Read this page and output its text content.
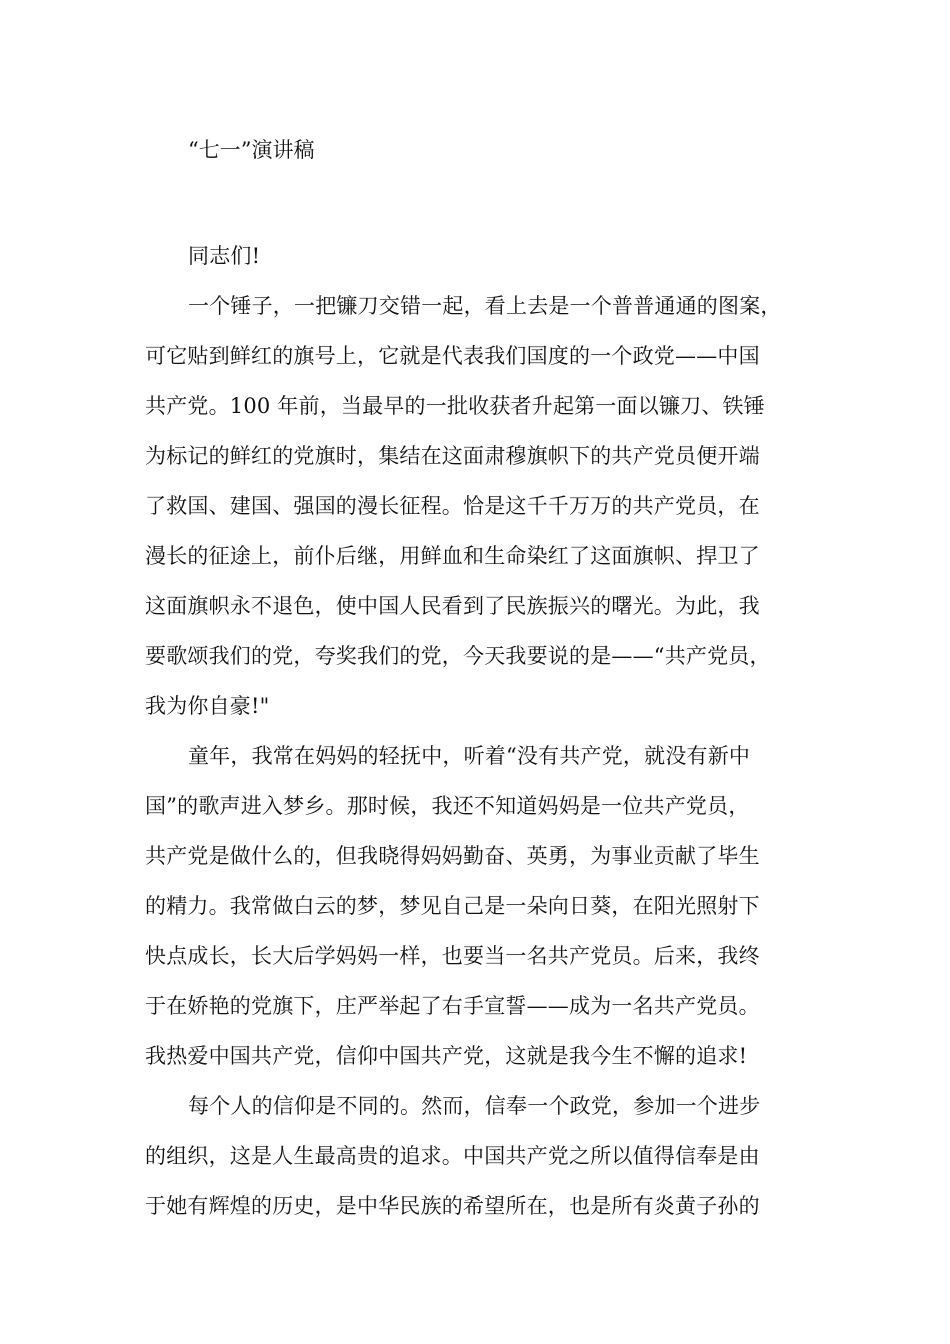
“七一”演讲稿
同志们!
一个锤子，一把镰刀交错一起，看上去是一个普普通通的图案，
可它贴到鲜红的旗号上，它就是代表我们国度的一个政党——中国
共产党。100 年前，当最早的一批收获者升起第一面以镰刀、铁锤
为标记的鲜红的党旗时，集结在这面肃穆旗帜下的共产党员便开端
了救国、建国、强国的漫长征程。恰是这千千万万的共产党员，在
漫长的征途上，前仆后继，用鲜血和生命染红了这面旗帜、捍卫了
这面旗帜永不退色，使中国人民看到了民族振兴的曙光。为此，我
要歌颂我们的党，夸奖我们的党，今天我要说的是——“共产党员，
我为你自豪!"
童年，我常在妈妈的轻抚中，听着“没有共产党，就没有新中
国”的歌声进入梦乡。那时候，我还不知道妈妈是一位共产党员，
共产党是做什么的，但我晓得妈妈勤奋、英勇，为事业贡献了毕生
的精力。我常做白云的梦，梦见自己是一朵向日葵，在阳光照射下
快点成长，长大后学妈妈一样，也要当一名共产党员。后来，我终
于在娇艳的党旗下，庄严举起了右手宣誓——成为一名共产党员。
我热爱中国共产党，信仰中国共产党，这就是我今生不懈的追求!
每个人的信仰是不同的。然而，信奉一个政党，参加一个进步
的组织，这是人生最高贵的追求。中国共产党之所以值得信奉是由
于她有辉煌的历史，是中华民族的希望所在，也是所有炎黄子孙的
